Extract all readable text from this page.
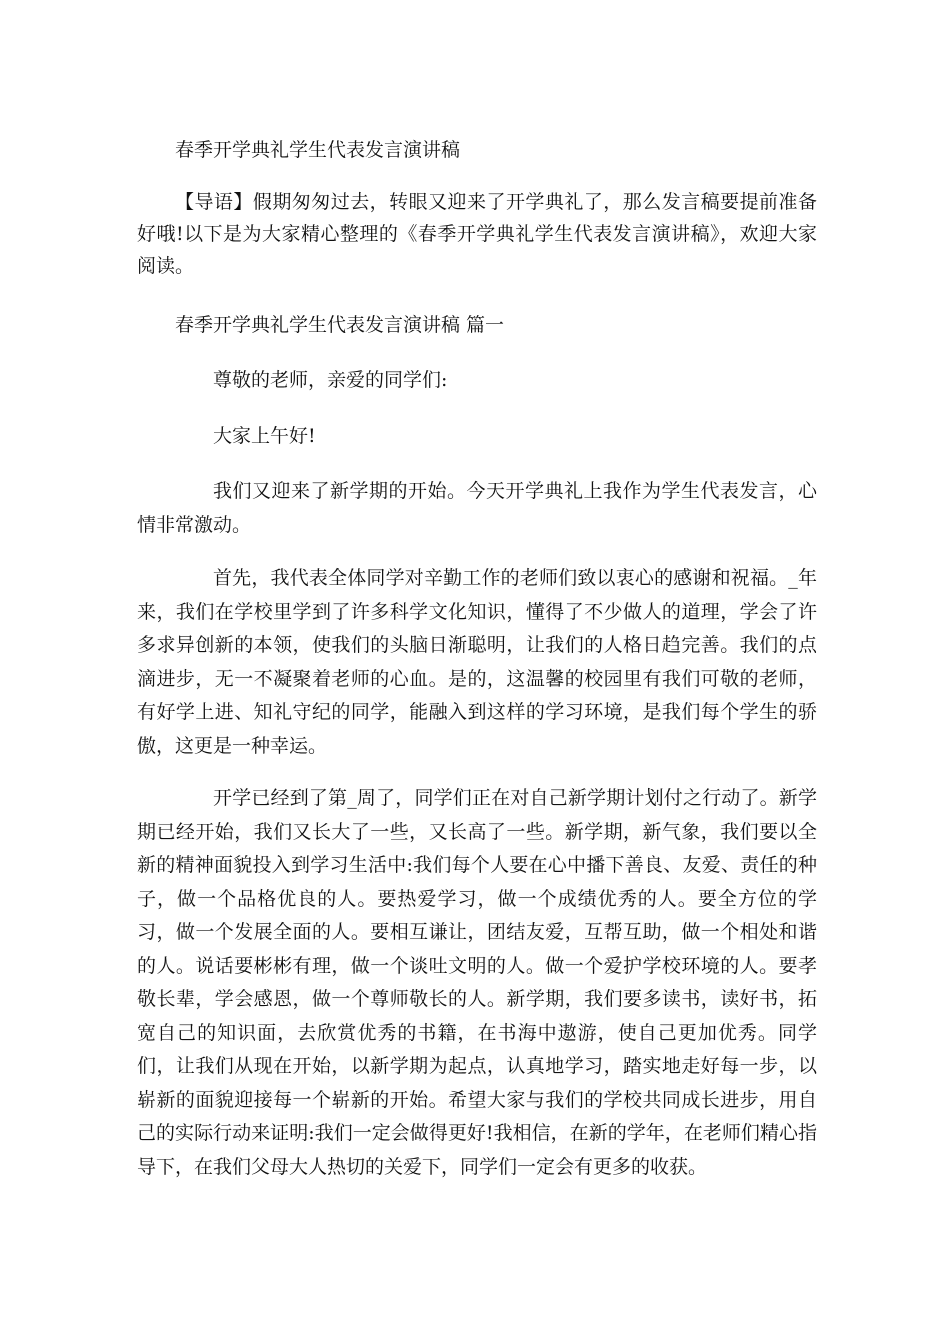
春季开学典礼学生代表发言演讲稿

【导语】假期匆匆过去，转眼又迎来了开学典礼了，那么发言稿要提前准备好哦!以下是为大家精心整理的《春季开学典礼学生代表发言演讲稿》，欢迎大家阅读。

春季开学典礼学生代表发言演讲稿 篇一

尊敬的老师，亲爱的同学们:

大家上午好!

我们又迎来了新学期的开始。今天开学典礼上我作为学生代表发言，心情非常激动。

首先，我代表全体同学对辛勤工作的老师们致以衷心的感谢和祝福。_年来，我们在学校里学到了许多科学文化知识，懂得了不少做人的道理，学会了许多求异创新的本领，使我们的头脑日渐聪明，让我们的人格日趋完善。我们的点滴进步，无一不凝聚着老师的心血。是的，这温馨的校园里有我们可敬的老师，有好学上进、知礼守纪的同学，能融入到这样的学习环境，是我们每个学生的骄傲，这更是一种幸运。

开学已经到了第_周了，同学们正在对自己新学期计划付之行动了。新学期已经开始，我们又长大了一些，又长高了一些。新学期，新气象，我们要以全新的精神面貌投入到学习生活中:我们每个人要在心中播下善良、友爱、责任的种子，做一个品格优良的人。要热爱学习，做一个成绩优秀的人。要全方位的学习，做一个发展全面的人。要相互谦让，团结友爱，互帮互助，做一个相处和谐的人。说话要彬彬有理，做一个谈吐文明的人。做一个爱护学校环境的人。要孝敬长辈，学会感恩，做一个尊师敬长的人。新学期，我们要多读书，读好书，拓宽自己的知识面，去欣赏优秀的书籍，在书海中遨游，使自己更加优秀。同学们，让我们从现在开始，以新学期为起点，认真地学习，踏实地走好每一步，以崭新的面貌迎接每一个崭新的开始。希望大家与我们的学校共同成长进步，用自己的实际行动来证明:我们一定会做得更好!我相信，在新的学年，在老师们精心指导下，在我们父母大人热切的关爱下，同学们一定会有更多的收获。
